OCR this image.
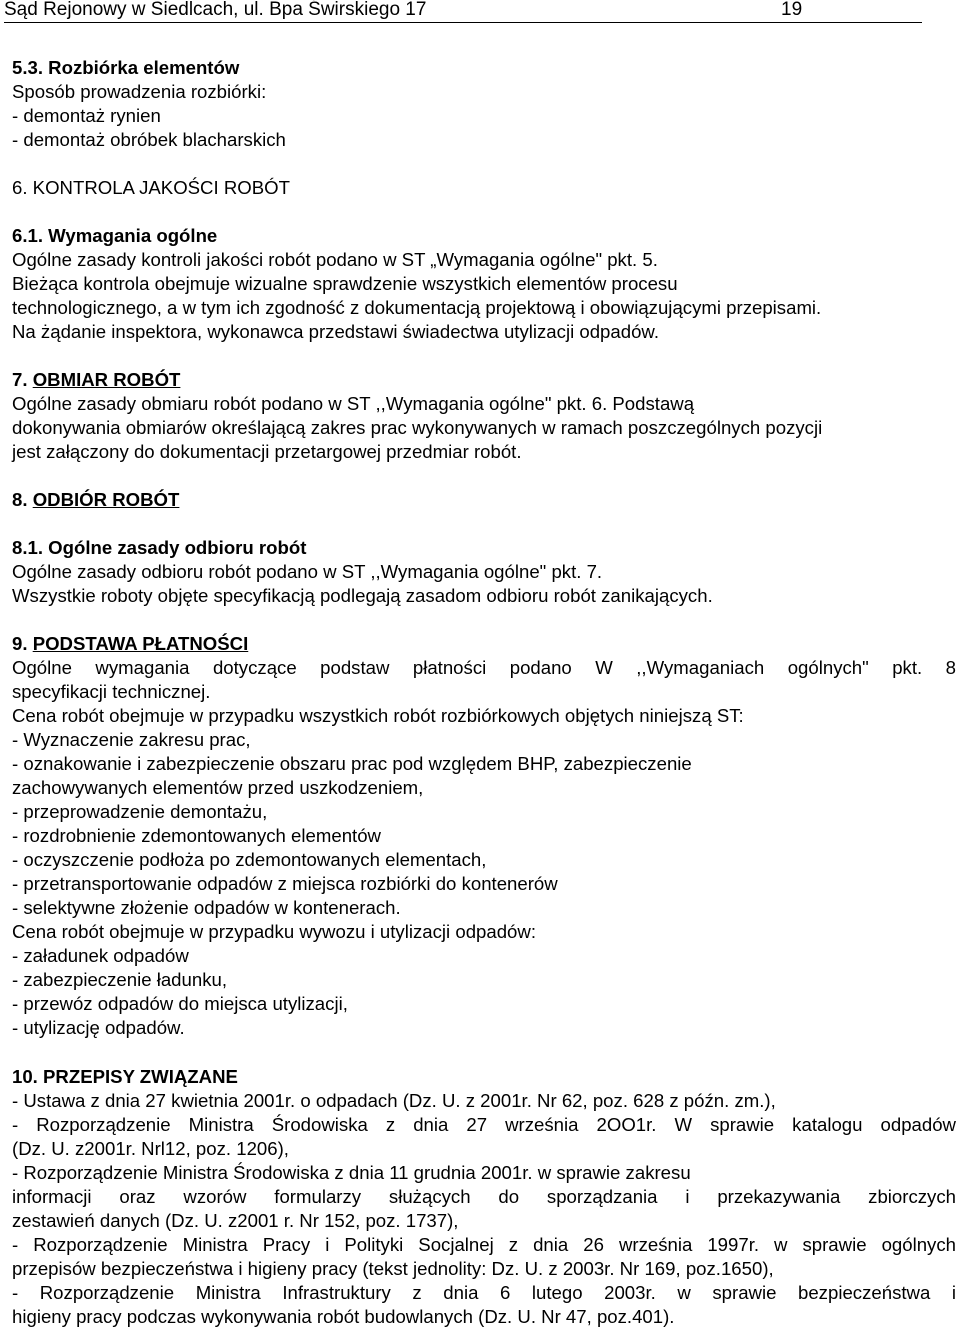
Sąd Rejonowy w Siedlcach, ul. Bpa Świrskiego 17	19
5.3. Rozbiórka elementów
Sposób prowadzenia rozbiórki:
- demontaż rynien
- demontaż obróbek blacharskich
6. KONTROLA JAKOŚCI ROBÓT
6.1. Wymagania ogólne
Ogólne zasady kontroli jakości robót podano w ST „Wymagania ogólne" pkt. 5.
Bieżąca kontrola obejmuje wizualne sprawdzenie wszystkich elementów procesu
technologicznego, a w tym ich zgodność z dokumentacją projektową i obowiązującymi przepisami.
Na żądanie inspektora, wykonawca przedstawi świadectwa utylizacji odpadów.
7. OBMIAR ROBÓT
Ogólne zasady obmiaru robót podano w ST ,,Wymagania ogólne" pkt. 6. Podstawą
dokonywania obmiarów określającą zakres prac wykonywanych w ramach poszczególnych pozycji
jest załączony do dokumentacji przetargowej przedmiar robót.
8. ODBIÓR ROBÓT
8.1. Ogólne zasady odbioru robót
Ogólne zasady odbioru robót podano w ST ,,Wymagania ogólne" pkt. 7.
Wszystkie roboty objęte specyfikacją podlegają zasadom odbioru robót zanikających.
9. PODSTAWA PŁATNOŚCI
Ogólne wymagania dotyczące podstaw płatności podano W ,,Wymaganiach ogólnych" pkt. 8
specyfikacji technicznej.
Cena robót obejmuje w przypadku wszystkich robót rozbiórkowych objętych niniejszą ST:
- Wyznaczenie zakresu prac,
- oznakowanie i zabezpieczenie obszaru prac pod względem BHP, zabezpieczenie
zachowywanych elementów przed uszkodzeniem,
- przeprowadzenie demontażu,
- rozdrobnienie zdemontowanych elementów
- oczyszczenie podłoża po zdemontowanych elementach,
- przetransportowanie odpadów z miejsca rozbiórki do kontenerów
- selektywne złożenie odpadów w kontenerach.
Cena robót obejmuje w przypadku wywozu i utylizacji odpadów:
- załadunek odpadów
- zabezpieczenie ładunku,
- przewóz odpadów do miejsca utylizacji,
- utylizację odpadów.
10. PRZEPISY ZWIĄZANE
- Ustawa z dnia 27 kwietnia 2001r. o odpadach (Dz. U. z 2001r. Nr 62, poz. 628 z późn. zm.),
- Rozporządzenie Ministra Środowiska z dnia 27 września 2OO1r. W sprawie katalogu odpadów
(Dz. U. z2001r. Nrl12, poz. 1206),
- Rozporządzenie Ministra Środowiska z dnia 11 grudnia 2001r. w sprawie zakresu
informacji oraz wzorów formularzy służących do sporządzania i przekazywania zbiorczych
zestawień danych (Dz. U. z2001 r. Nr 152, poz. 1737),
- Rozporządzenie Ministra Pracy i Polityki Socjalnej z dnia 26 września 1997r. w sprawie ogólnych
przepisów bezpieczeństwa i higieny pracy (tekst jednolity: Dz. U. z 2003r. Nr 169, poz.1650),
- Rozporządzenie Ministra Infrastruktury z dnia 6 lutego 2003r. w sprawie bezpieczeństwa i
higieny pracy podczas wykonywania robót budowlanych (Dz. U. Nr 47, poz.401).
